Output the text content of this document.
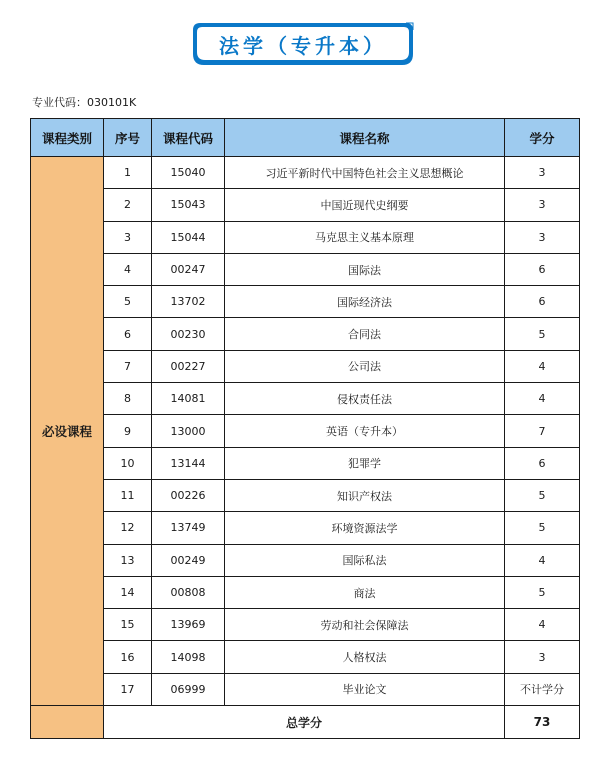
法学（专升本）
专业代码：030101K
课程类别	序号	课程代码	课程名称	学分
必设课程	1	15040	习近平新时代中国特色社会主义思想概论	3
	2	15043	中国近现代史纲要	3
	3	15044	马克思主义基本原理	3
	4	00247	国际法	6
	5	13702	国际经济法	6
	6	00230	合同法	5
	7	00227	公司法	4
	8	14081	侵权责任法	4
	9	13000	英语（专升本）	7
	10	13144	犯罪学	6
	11	00226	知识产权法	5
	12	13749	环境资源法学	5
	13	00249	国际私法	4
	14	00808	商法	5
	15	13969	劳动和社会保障法	4
	16	14098	人格权法	3
	17	06999	毕业论文	不计学分
	总学分			73
